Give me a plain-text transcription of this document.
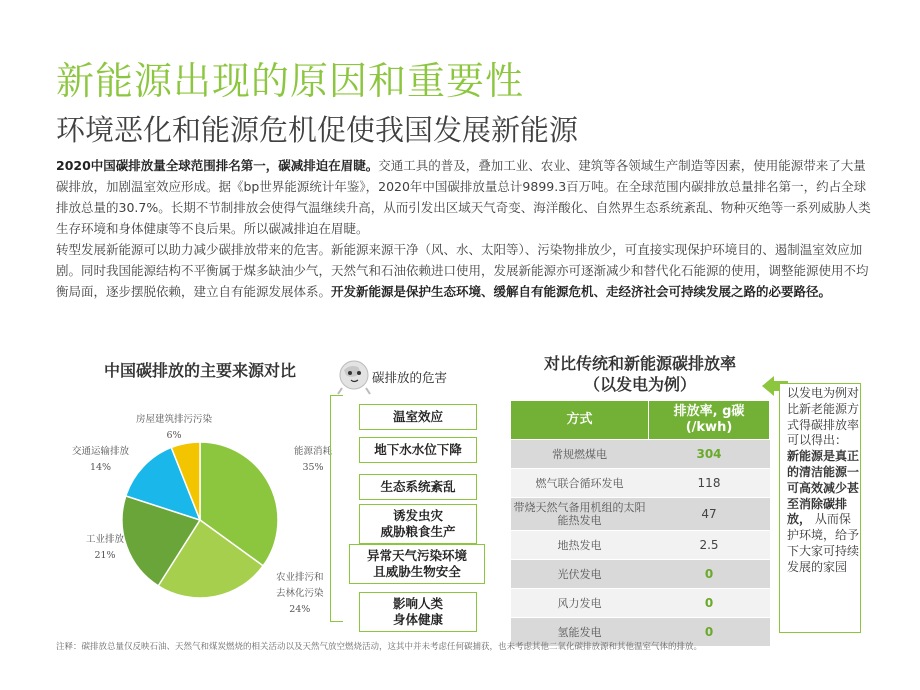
新能源出现的原因和重要性
环境恶化和能源危机促使我国发展新能源

2020中国碳排放量全球范围排名第一，碳减排迫在眉睫。交通工具的普及，叠加工业、农业、建筑等各领域生产制造等因素，使用能源带来了大量碳排放，加剧温室效应形成。据《bp世界能源统计年鉴》，2020年中国碳排放量总计9899.3百万吨。在全球范围内碳排放总量排名第一，约占全球排放总量的30.7%。长期不节制排放会使得气温继续升高，从而引发出区域天气奇变、海洋酸化、自然界生态系统紊乱、物种灭绝等一系列威胁人类生存环境和身体健康等不良后果。所以碳减排迫在眉睫。

转型发展新能源可以助力减少碳排放带来的危害。新能源来源干净（风、水、太阳等）、污染物排放少，可直接实现保护环境目的、遏制温室效应加剧。同时我国能源结构不平衡属于煤多缺油少气，天然气和石油依赖进口使用，发展新能源亦可逐渐减少和替代化石能源的使用，调整能源使用不均衡局面，逐步摆脱依赖，建立自有能源发展体系。开发新能源是保护生态环境、缓解自有能源危机、走经济社会可持续发展之路的必要路径。

中国碳排放的主要来源对比
房屋建筑排污污染
6%
交通运输排放
14%
能源消耗
35%
工业排放
21%
农业排污和
去林化污染
24%
碳排放的危害
温室效应
地下水水位下降
生态系统紊乱
诱发虫灾
威胁粮食生产
异常天气污染环境
且威胁生物安全
影响人类
身体健康
对比传统和新能源碳排放率
（以发电为例）
方式	排放率, g碳
(/kwh)

常规燃煤电	304
燃气联合循环发电	118
带烧天然气备用机组的太阳能热发电	47
地热发电	2.5
光伏发电	0
风力发电	0
氢能发电	0
以发电为例对比新老能源方式得碳排放率可以得出： 新能源是真正的清洁能源一可高效减少甚至消除碳排放， 从而保护环境，给予下大家可持续发展的家园
注释：碳排放总量仅反映石油、天然气和煤炭燃烧的相关活动以及天然气放空燃烧活动，这其中并未考虑任何碳捕获，也未考虑其他二氧化碳排放源和其他温室气体的排放。
